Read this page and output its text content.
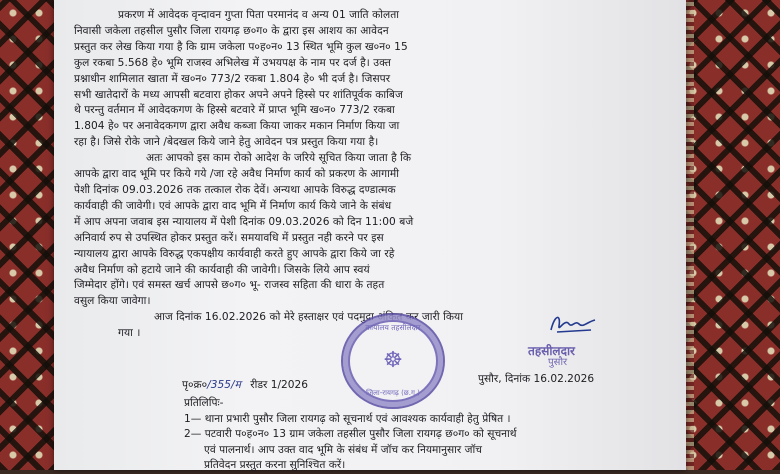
प्रकरण में आवेदक वृन्दावन गुप्ता पिता परमानंद व अन्य 01 जाति कोलता

निवासी जकेला तहसील पुसौर जिला रायगढ़ छ०ग० के द्वारा इस आशय का आवेदन

प्रस्तुत कर लेख किया गया है कि ग्राम जकेला प०ह०न० 13 स्थित भूमि कुल ख०न० 15

कुल रकबा 5.568 हे० भूमि राजस्व अभिलेख में उभयपक्ष के नाम पर दर्ज है। उक्त

प्रश्नाधीन शामिलात खाता में ख०न० 773/2 रकबा 1.804 हे० भी दर्ज है। जिसपर

सभी खातेदारों के मध्य आपसी बटवारा होकर अपने अपने हिस्से पर शांतिपूर्वक काबिज

थे परन्तु वर्तमान में आवेदकगण के हिस्से बटवारे में प्राप्त भूमि ख०न० 773/2 रकबा

1.804 हे० पर अनावेदकगण द्वारा अवैध कब्जा किया जाकर मकान निर्माण किया जा

रहा है। जिसे रोके जाने /बेदखल किये जाने हेतु आवेदन पत्र प्रस्तुत किया गया है।

अतः आपको इस काम रोको आदेश के जरिये सूचित किया जाता है कि

आपके द्वारा वाद भूमि पर किये गये /जा रहे अवैध निर्माण कार्य को प्रकरण के आगामी

पेशी दिनांक 09.03.2026 तक तत्काल रोक देवें। अन्यथा आपके विरुद्ध दण्डात्मक

कार्यवाही की जावेगी। एवं आपके द्वारा वाद भूमि में निर्माण कार्य किये जाने के संबंध

में आप अपना जवाब इस न्यायालय में पेशी दिनांक 09.03.2026 को दिन 11:00 बजे

अनिवार्य रुप से उपस्थित होकर प्रस्तुत करें। समयावधि में प्रस्तुत नही करने पर इस

न्यायालय द्वारा आपके विरुद्ध एकपक्षीय कार्यवाही करते हुए आपके द्वारा किये जा रहे

अवैध निर्माण को हटाये जाने की कार्यवाही की जावेगी। जिसके लिये आप स्वयं

जिम्मेदार होंगे। एवं समस्त खर्च आपसे छ०ग० भू- राजस्व सहिता की धारा के तहत

वसुल किया जावेगा।

आज दिनांक 16.02.2026 को मेरे हस्ताक्षर एवं पदमुद्रा अंकित कर जारी किया

गया ।

तहसीलदार
पुसौर
कार्यालय तहसीलदार
☸
जिला-रायगढ़ (छ.ग.)
पृ०क्र०/355/म रीडर 1/2026	पुसौर, दिनांक 16.02.2026
प्रतिलिपिः-
1— थाना प्रभारी पुसौर जिला रायगढ़ को सूचनार्थ एवं आवश्यक कार्यवाही हेतु प्रेषित ।
2— पटवारी प०ह०न० 13 ग्राम जकेला तहसील पुसौर जिला रायगढ़ छ०ग० को सूचनार्थ
एवं पालनार्थ। आप उक्त वाद भूमि के संबंध में जॉच कर नियमानुसार जॉच
प्रतिवेदन प्रस्तुत करना सुनिश्चित करें।
